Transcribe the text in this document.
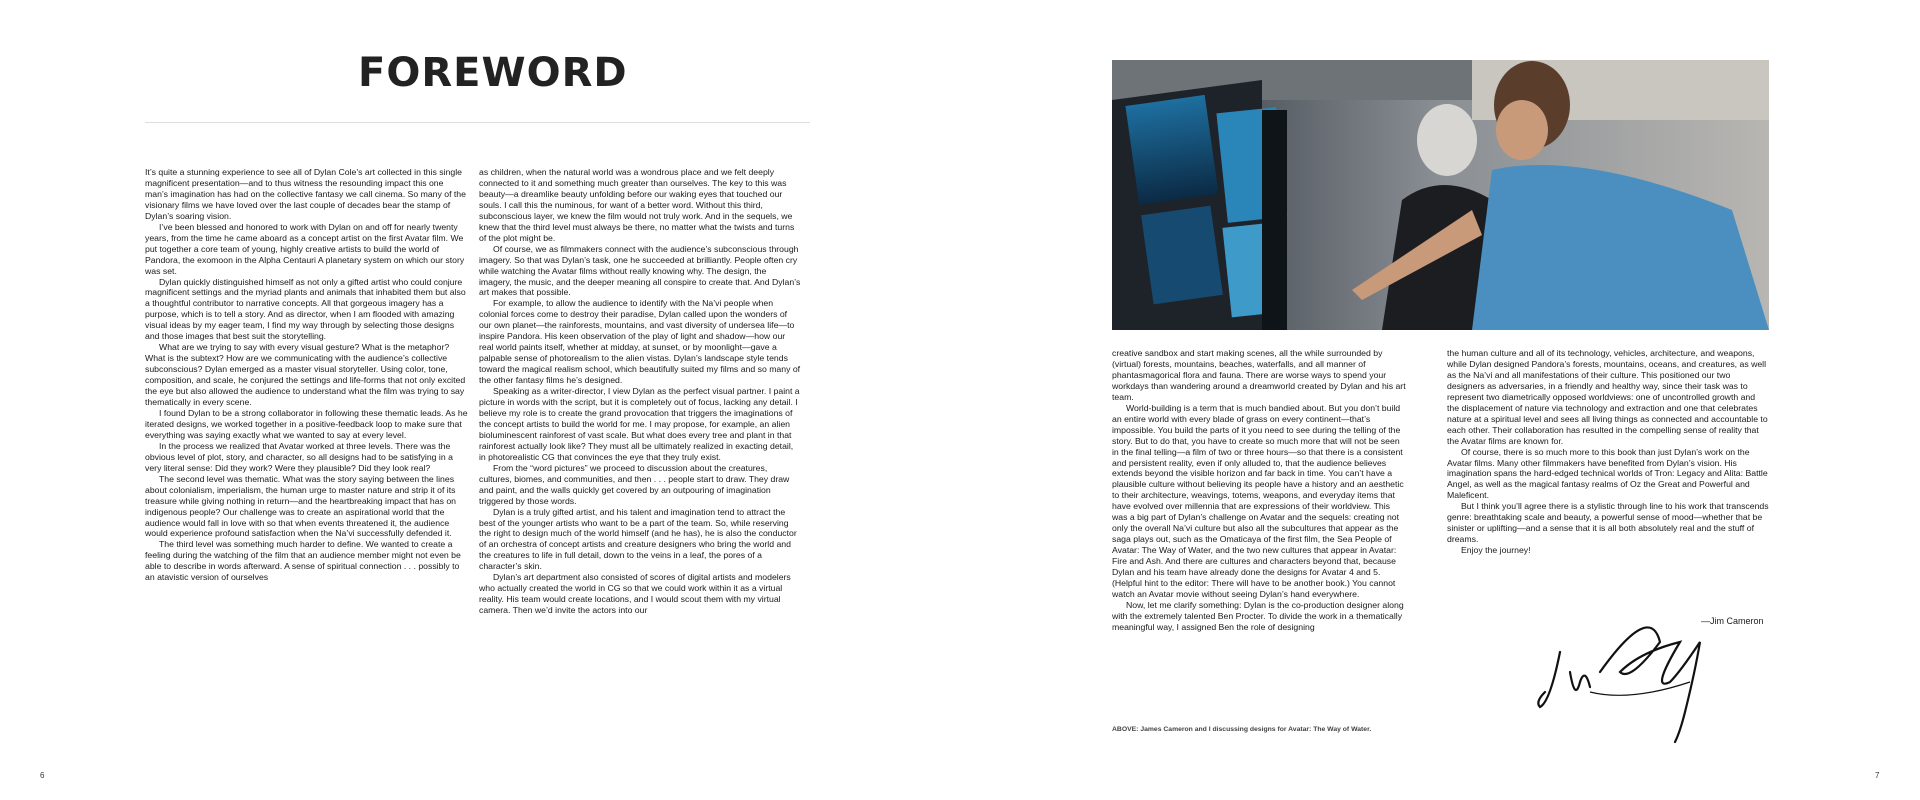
FOREWORD

It’s quite a stunning experience to see all of Dylan Cole’s art collected in this single magnificent presentation—and to thus witness the resounding impact this one man’s imagination has had on the collective fantasy we call cinema. So many of the visionary films we have loved over the last couple of decades bear the stamp of Dylan’s soaring vision.

I’ve been blessed and honored to work with Dylan on and off for nearly twenty years, from the time he came aboard as a concept artist on the first Avatar film. We put together a core team of young, highly creative artists to build the world of Pandora, the exomoon in the Alpha Centauri A planetary system on which our story was set.

Dylan quickly distinguished himself as not only a gifted artist who could conjure magnificent settings and the myriad plants and animals that inhabited them but also a thoughtful contributor to narrative concepts. All that gorgeous imagery has a purpose, which is to tell a story. And as director, when I am flooded with amazing visual ideas by my eager team, I find my way through by selecting those designs and those images that best suit the storytelling.

What are we trying to say with every visual gesture? What is the metaphor? What is the subtext? How are we communicating with the audience’s collective subconscious? Dylan emerged as a master visual storyteller. Using color, tone, composition, and scale, he conjured the settings and life-forms that not only excited the eye but also allowed the audience to understand what the film was trying to say thematically in every scene.

I found Dylan to be a strong collaborator in following these thematic leads. As he iterated designs, we worked together in a positive-feedback loop to make sure that everything was saying exactly what we wanted to say at every level.

In the process we realized that Avatar worked at three levels. There was the obvious level of plot, story, and character, so all designs had to be satisfying in a very literal sense: Did they work? Were they plausible? Did they look real?

The second level was thematic. What was the story saying between the lines about colonialism, imperialism, the human urge to master nature and strip it of its treasure while giving nothing in return—and the heartbreaking impact that has on indigenous people? Our challenge was to create an aspirational world that the audience would fall in love with so that when events threatened it, the audience would experience profound satisfaction when the Na’vi successfully defended it.

The third level was something much harder to define. We wanted to create a feeling during the watching of the film that an audience member might not even be able to describe in words afterward. A sense of spiritual connection . . . possibly to an atavistic version of ourselves

as children, when the natural world was a wondrous place and we felt deeply connected to it and something much greater than ourselves. The key to this was beauty—a dreamlike beauty unfolding before our waking eyes that touched our souls. I call this the numinous, for want of a better word. Without this third, subconscious layer, we knew the film would not truly work. And in the sequels, we knew that the third level must always be there, no matter what the twists and turns of the plot might be.

Of course, we as filmmakers connect with the audience’s subconscious through imagery. So that was Dylan’s task, one he succeeded at brilliantly. People often cry while watching the Avatar films without really knowing why. The design, the imagery, the music, and the deeper meaning all conspire to create that. And Dylan’s art makes that possible.

For example, to allow the audience to identify with the Na’vi people when colonial forces come to destroy their paradise, Dylan called upon the wonders of our own planet—the rainforests, mountains, and vast diversity of undersea life—to inspire Pandora. His keen observation of the play of light and shadow—how our real world paints itself, whether at midday, at sunset, or by moonlight—gave a palpable sense of photorealism to the alien vistas. Dylan’s landscape style tends toward the magical realism school, which beautifully suited my films and so many of the other fantasy films he’s designed.

Speaking as a writer-director, I view Dylan as the perfect visual partner. I paint a picture in words with the script, but it is completely out of focus, lacking any detail. I believe my role is to create the grand provocation that triggers the imaginations of the concept artists to build the world for me. I may propose, for example, an alien bioluminescent rainforest of vast scale. But what does every tree and plant in that rainforest actually look like? They must all be ultimately realized in exacting detail, in photorealistic CG that convinces the eye that they truly exist.

From the “word pictures” we proceed to discussion about the creatures, cultures, biomes, and communities, and then . . . people start to draw. They draw and paint, and the walls quickly get covered by an outpouring of imagination triggered by those words.

Dylan is a truly gifted artist, and his talent and imagination tend to attract the best of the younger artists who want to be a part of the team. So, while reserving the right to design much of the world himself (and he has), he is also the conductor of an orchestra of concept artists and creature designers who bring the world and the creatures to life in full detail, down to the veins in a leaf, the pores of a character’s skin.

Dylan’s art department also consisted of scores of digital artists and modelers who actually created the world in CG so that we could work within it as a virtual reality. His team would create locations, and I would scout them with my virtual camera. Then we’d invite the actors into our

6

creative sandbox and start making scenes, all the while surrounded by (virtual) forests, mountains, beaches, waterfalls, and all manner of phantasmagorical flora and fauna. There are worse ways to spend your workdays than wandering around a dreamworld created by Dylan and his art team.

World-building is a term that is much bandied about. But you don’t build an entire world with every blade of grass on every continent—that’s impossible. You build the parts of it you need to see during the telling of the story. But to do that, you have to create so much more that will not be seen in the final telling—a film of two or three hours—so that there is a consistent and persistent reality, even if only alluded to, that the audience believes extends beyond the visible horizon and far back in time. You can’t have a plausible culture without believing its people have a history and an aesthetic to their architecture, weavings, totems, weapons, and everyday items that have evolved over millennia that are expressions of their worldview. This was a big part of Dylan’s challenge on Avatar and the sequels: creating not only the overall Na’vi culture but also all the subcultures that appear as the saga plays out, such as the Omaticaya of the first film, the Sea People of Avatar: The Way of Water, and the two new cultures that appear in Avatar: Fire and Ash. And there are cultures and characters beyond that, because Dylan and his team have already done the designs for Avatar 4 and 5. (Helpful hint to the editor: There will have to be another book.) You cannot watch an Avatar movie without seeing Dylan’s hand everywhere.

Now, let me clarify something: Dylan is the co-production designer along with the extremely talented Ben Procter. To divide the work in a thematically meaningful way, I assigned Ben the role of designing

the human culture and all of its technology, vehicles, architecture, and weapons, while Dylan designed Pandora’s forests, mountains, oceans, and creatures, as well as the Na’vi and all manifestations of their culture. This positioned our two designers as adversaries, in a friendly and healthy way, since their task was to represent two diametrically opposed worldviews: one of uncontrolled growth and the displacement of nature via technology and extraction and one that celebrates nature at a spiritual level and sees all living things as connected and accountable to each other. Their collaboration has resulted in the compelling sense of reality that the Avatar films are known for.

Of course, there is so much more to this book than just Dylan’s work on the Avatar films. Many other filmmakers have benefited from Dylan’s vision. His imagination spans the hard-edged technical worlds of Tron: Legacy and Alita: Battle Angel, as well as the magical fantasy realms of Oz the Great and Powerful and Maleficent.

But I think you’ll agree there is a stylistic through line to his work that transcends genre: breathtaking scale and beauty, a powerful sense of mood—whether that be sinister or uplifting—and a sense that it is all both absolutely real and the stuff of dreams.

Enjoy the journey!

—Jim Cameron
ABOVE: James Cameron and I discussing designs for Avatar: The Way of Water.
7
